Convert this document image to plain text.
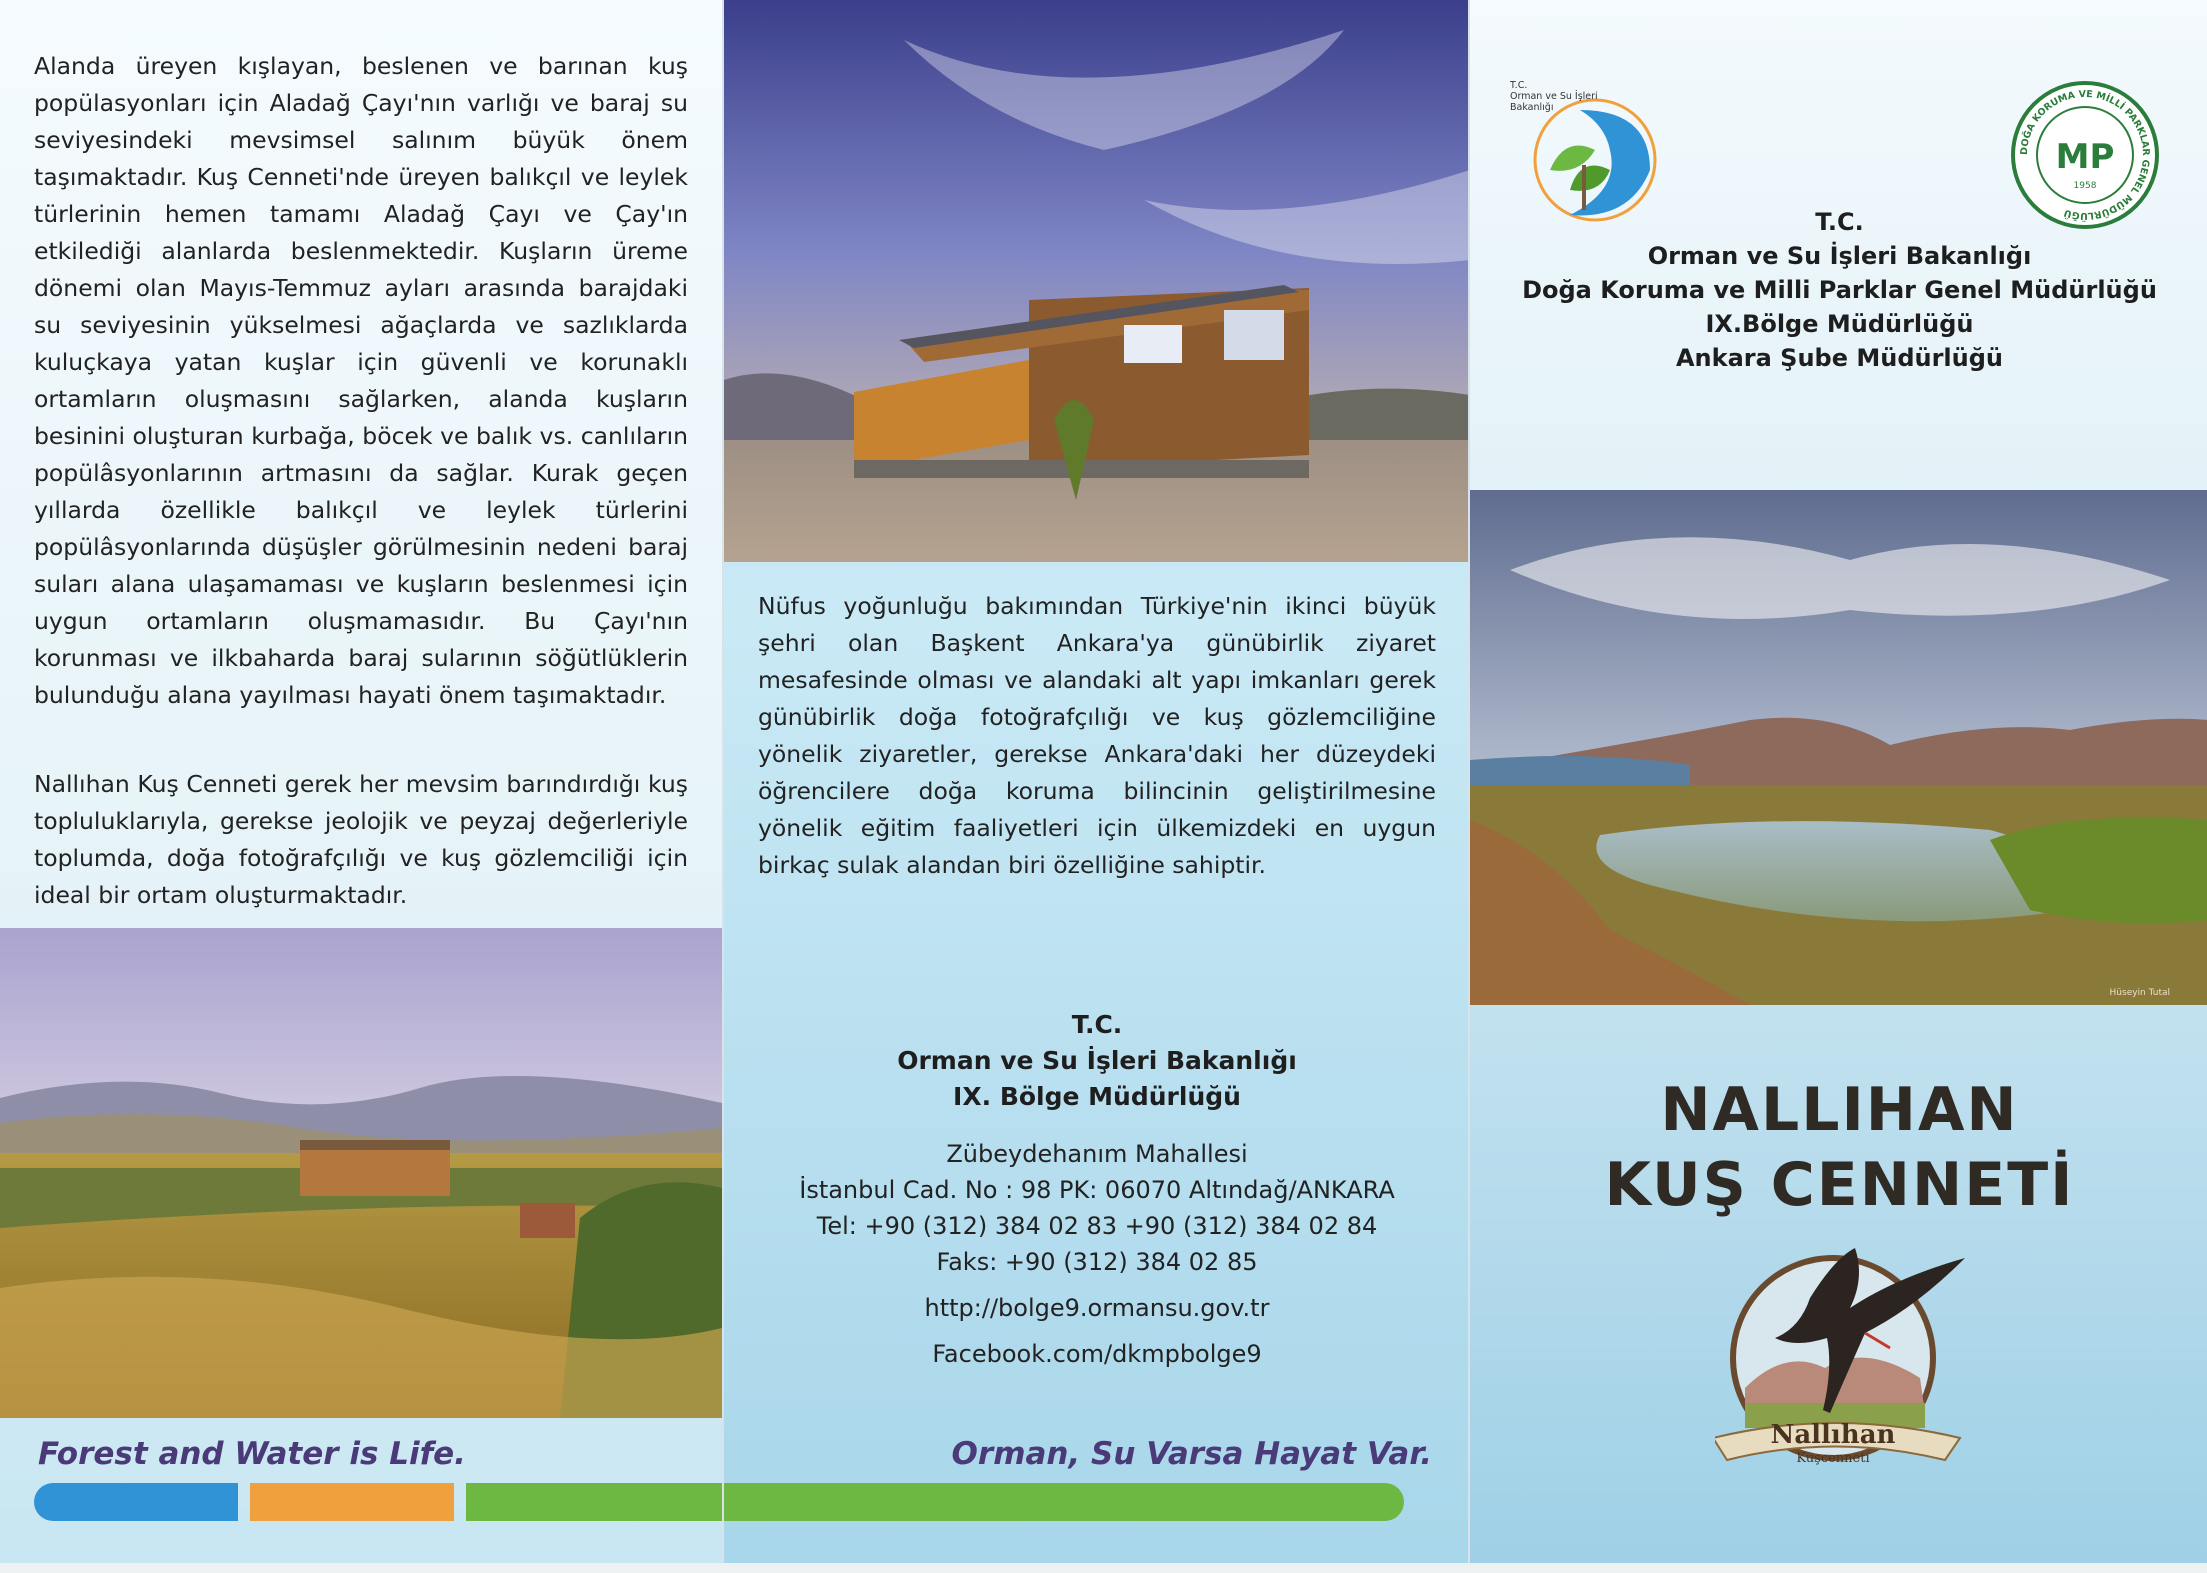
Alanda üreyen kışlayan, beslenen ve barınan kuş popülasyonları için Aladağ Çayı'nın varlığı ve baraj su seviyesindeki mevsimsel salınım büyük önem taşımaktadır. Kuş Cenneti'nde üreyen balıkçıl ve leylek türlerinin hemen tamamı Aladağ Çayı ve Çay'ın etkilediği alanlarda beslenmektedir. Kuşların üreme dönemi olan Mayıs-Temmuz ayları arasında barajdaki su seviyesinin yükselmesi ağaçlarda ve sazlıklarda kuluçkaya yatan kuşlar için güvenli ve korunaklı ortamların oluşmasını sağlarken, alanda kuşların besinini oluşturan kurbağa, böcek ve balık vs. canlıların popülâsyonlarının artmasını da sağlar. Kurak geçen yıllarda özellikle balıkçıl ve leylek türlerini popülâsyonlarında düşüşler görülmesinin nedeni baraj suları alana ulaşamaması ve kuşların beslenmesi için uygun ortamların oluşmamasıdır. Bu Çayı'nın korunması ve ilkbaharda baraj sularının söğütlüklerin bulunduğu alana yayılması hayati önem taşımaktadır.

Nallıhan Kuş Cenneti gerek her mevsim barındırdığı kuş topluluklarıyla, gerekse jeolojik ve peyzaj değerleriyle toplumda, doğa fotoğrafçılığı ve kuş gözlemciliği için ideal bir ortam oluşturmaktadır.

Forest and Water is Life.

Nüfus yoğunluğu bakımından Türkiye'nin ikinci büyük şehri olan Başkent Ankara'ya günübirlik ziyaret mesafesinde olması ve alandaki alt yapı imkanları gerek günübirlik doğa fotoğrafçılığı ve kuş gözlemciliğine yönelik ziyaretler, gerekse Ankara'daki her düzeydeki öğrencilere doğa koruma bilincinin geliştirilmesine yönelik eğitim faaliyetleri için ülkemizdeki en uygun birkaç sulak alandan biri özelliğine sahiptir.

T.C.
Orman ve Su İşleri Bakanlığı
IX. Bölge Müdürlüğü
Zübeydehanım Mahallesi
İstanbul Cad. No : 98 PK: 06070 Altındağ/ANKARA
Tel: +90 (312) 384 02 83 +90 (312) 384 02 84
Faks: +90 (312) 384 02 85
http://bolge9.ormansu.gov.tr
Facebook.com/dkmpbolge9
Orman, Su Varsa Hayat Var.
T.C.
Orman ve Su İşleri
Bakanlığı
DOĞA KORUMA VE MİLLİ PARKLAR GENEL MÜDÜRLÜĞÜ
MP
1958
T.C.
Orman ve Su İşleri Bakanlığı
Doğa Koruma ve Milli Parklar Genel Müdürlüğü
IX.Bölge Müdürlüğü
Ankara Şube Müdürlüğü
Hüseyin Tutal
NALLIHAN
KUŞ CENNETİ
Nallıhan
Kuşcenneti
